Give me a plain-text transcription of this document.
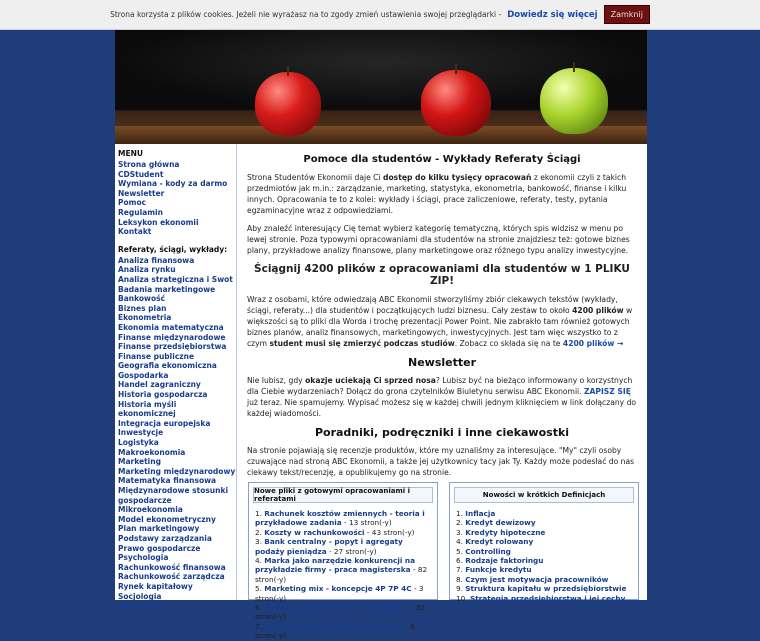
Strona korzysta z plików cookies. Jeżeli nie wyrażasz na to zgody zmień ustawienia swojej przeglądarki - Dowiedz się więcej	Zamknij
MENU
Strona główna
CDStudent
Wymiana - kody za darmo
Newsletter
Pomoc
Regulamin
Leksykon ekonomii
Kontakt
Referaty, ściągi, wykłady:
Analiza finansowa
Analiza rynku
Analiza strategiczna i Swot
Badania marketingowe
Bankowość
Biznes plan
Ekonometria
Ekonomia matematyczna
Finanse międzynarodowe
Finanse przedsiębiorstwa
Finanse publiczne
Geografia ekonomiczna
Gospodarka
Handel zagraniczny
Historia gospodarcza
Historia myśli ekonomicznej
Integracja europejska
Inwestycje
Logistyka
Makroekonomia
Marketing
Marketing międzynarodowy
Matematyka finansowa
Międzynarodowe stosunki gospodarcze
Mikroekonomia
Model ekonometryczny
Plan marketingowy
Podstawy zarządzania
Prawo gospodarcze
Psychologia
Rachunkowość finansowa
Rachunkowość zarządcza
Rynek kapitałowy
Socjologia
Statystyka
Pomoce dla studentów - Wykłady Referaty Ściągi

Strona Studentów Ekonomii daje Ci dostęp do kilku tysięcy opracowań z ekonomii czyli z takich przedmiotów jak m.in.: zarządzanie, marketing, statystyka, ekonometria, bankowość, finanse i kilku innych. Opracowania te to z kolei: wykłady i ściągi, prace zaliczeniowe, referaty, testy, pytania egzaminacyjne wraz z odpowiedziami.

Aby znaleźć interesujący Cię temat wybierz kategorię tematyczną, których spis widzisz w menu po lewej stronie. Poza typowymi opracowaniami dla studentów na stronie znajdziesz też: gotowe biznes plany, przykładowe analizy finansowe, plany marketingowe oraz różnego typu analizy inwestycyjne.

Ściągnij 4200 plików z opracowaniami dla studentów w 1 PLIKU ZIP!

Wraz z osobami, które odwiedzają ABC Ekonomii stworzyliśmy zbiór ciekawych tekstów (wykłady, ściągi, referaty...) dla studentów i początkujących ludzi biznesu. Cały zestaw to około 4200 plików w większości są to pliki dla Worda i trochę prezentacji Power Point. Nie zabrakło tam również gotowych biznes planów, analiz finansowych, marketingowych, inwestycyjnych. Jest tam więc wszystko to z czym student musi się zmierzyć podczas studiów. Zobacz co składa się na te 4200 plików →

Newsletter

Nie lubisz, gdy okazje uciekają Ci sprzed nosa? Lubisz być na bieżąco informowany o korzystnych dla Ciebie wydarzeniach? Dołącz do grona czytelników Biuletynu serwisu ABC Ekonomii. ZAPISZ SIĘ już teraz. Nie spamujemy. Wypisać możesz się w każdej chwili jednym kliknięciem w link dołączany do każdej wiadomości.

Poradniki, podręczniki i inne ciekawostki

Na stronie pojawiają się recenzje produktów, które my uznaliśmy za interesujące. "My" czyli osoby czuwające nad stroną ABC Ekonomii, a także jej użytkownicy tacy jak Ty. Każdy może podesłać do nas ciekawy tekst/recenzję, a opublikujemy go na stronie.

Nowe pliki z gotowymi opracowaniami i referatami
1. Rachunek kosztów zmiennych - teoria i przykładowe zadania - 13 stron(-y)
2. Koszty w rachunkowości - 43 stron(-y)
3. Bank centralny - popyt i agregaty podaży pieniądza - 27 stron(-y)
4. Marka jako narzędzie konkurencji na przykładzie firmy - praca magisterska - 82 stron(-y)
5. Marketing mix - koncepcje 4P 7P 4C - 3 stron(-y)
6. Promocja jako element marketingu - 30 stron(-y)
7. Nowe produkty bankowe - referat - 6 stron(-y)
Nowości w krótkich Definicjach
1. Inflacja
2. Kredyt dewizowy
3. Kredyty hipoteczne
4. Kredyt rolowany
5. Controlling
6. Rodzaje faktoringu
7. Funkcje kredytu
8. Czym jest motywacja pracowników
9. Struktura kapitału w przedsiębiorstwie
10. Strategia przedsiębiorstwa i jej cechy
